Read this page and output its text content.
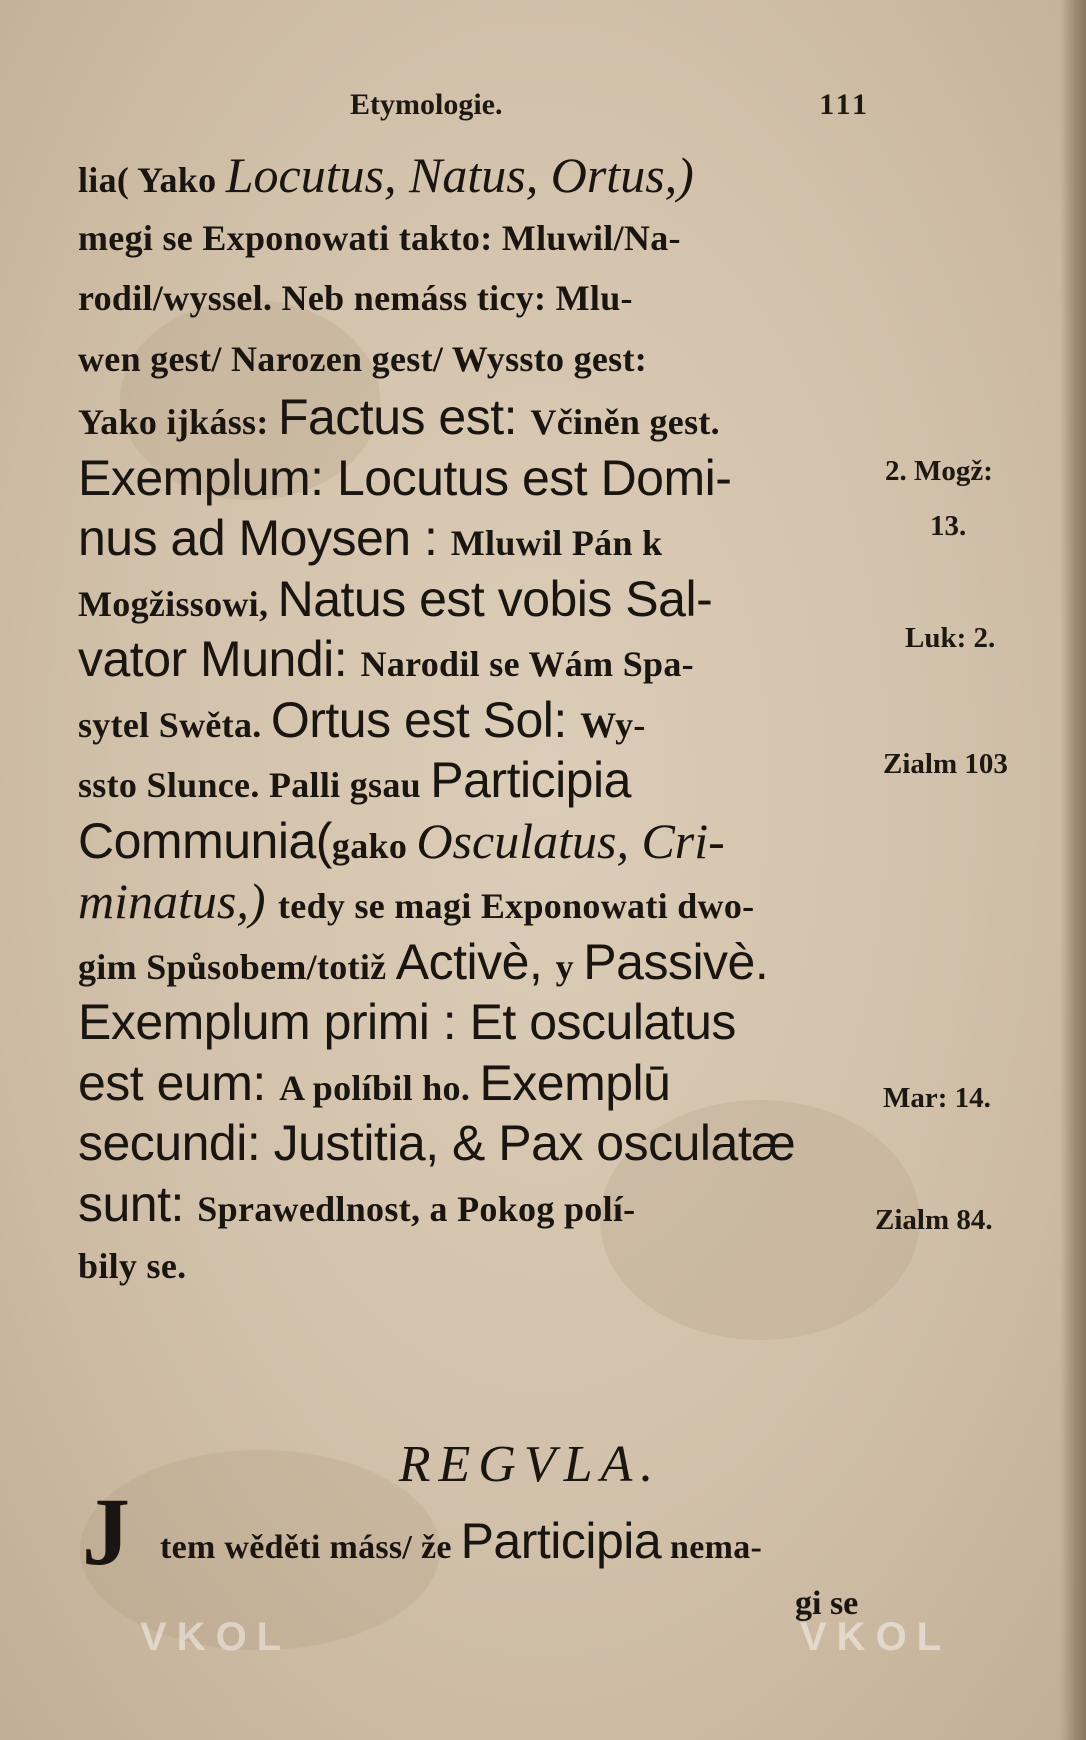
Etymologie.	111
lia( Yako Locutus, Natus, Ortus,)
megi se Exponowati takto: Mluwil/Na-
rodil/wyssel. Neb nemáss ticy: Mlu-
wen gest/ Narozen gest/ Wyssto gest:
Yako ijkáss: Factus est: Včiněn gest.
Exemplum: Locutus est Domi-
nus ad Moysen : Mluwil Pán k
Mogžissowi, Natus est vobis Sal-
vator Mundi: Narodil se Wám Spa-
sytel Swěta. Ortus est Sol: Wy-
ssto Slunce. Palli gsau Participia
Communia(gako Osculatus, Cri-
minatus,) tedy se magi Exponowati dwo-
gim Spůsobem/totiž Activè, y Passivè.
Exemplum primi : Et osculatus
est eum: A políbil ho. Exemplū
secundi: Justitia, & Pax osculatæ
sunt: Sprawedlnost, a Pokog polí-
bily se.
2. Mogž:
13.
Luk: 2.
Zialm 103
Mar: 14.
Zialm 84.
REGVLA.
J tem wěděti máss/ že Participia nema-
gi se
VKOL	VKOL
